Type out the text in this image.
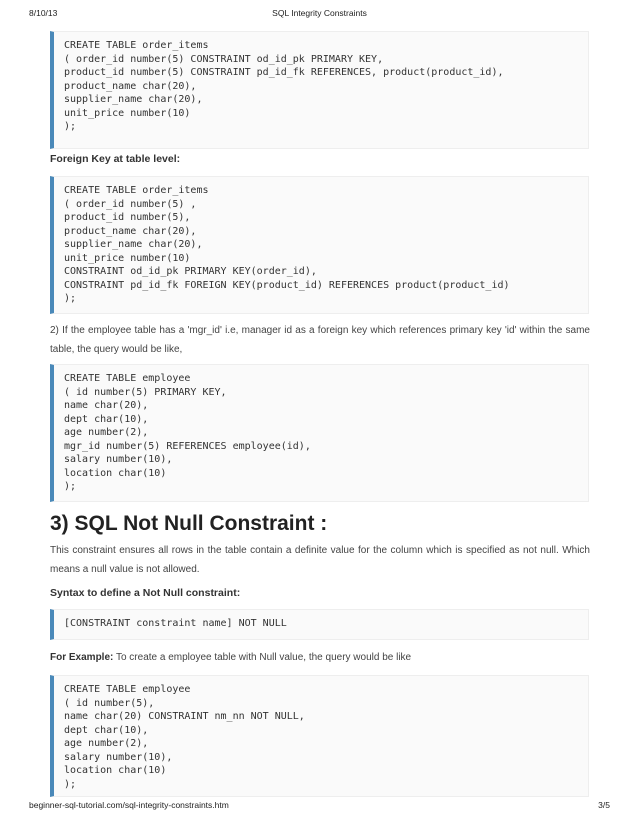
8/10/13	SQL Integrity Constraints
CREATE TABLE order_items
( order_id number(5) CONSTRAINT od_id_pk PRIMARY KEY,
product_id number(5) CONSTRAINT pd_id_fk REFERENCES, product(product_id),
product_name char(20),
supplier_name char(20),
unit_price number(10)
);
Foreign Key at table level:
CREATE TABLE order_items
( order_id number(5) ,
product_id number(5),
product_name char(20),
supplier_name char(20),
unit_price number(10)
CONSTRAINT od_id_pk PRIMARY KEY(order_id),
CONSTRAINT pd_id_fk FOREIGN KEY(product_id) REFERENCES product(product_id)
);
2) If the employee table has a 'mgr_id' i.e, manager id as a foreign key which references primary key 'id' within the same table, the query would be like,
CREATE TABLE employee
( id number(5) PRIMARY KEY,
name char(20),
dept char(10),
age number(2),
mgr_id number(5) REFERENCES employee(id),
salary number(10),
location char(10)
);
3) SQL Not Null Constraint :
This constraint ensures all rows in the table contain a definite value for the column which is specified as not null. Which means a null value is not allowed.
Syntax to define a Not Null constraint:
[CONSTRAINT constraint name] NOT NULL
For Example: To create a employee table with Null value, the query would be like
CREATE TABLE employee
( id number(5),
name char(20) CONSTRAINT nm_nn NOT NULL,
dept char(10),
age number(2),
salary number(10),
location char(10)
);
beginner-sql-tutorial.com/sql-integrity-constraints.htm	3/5
